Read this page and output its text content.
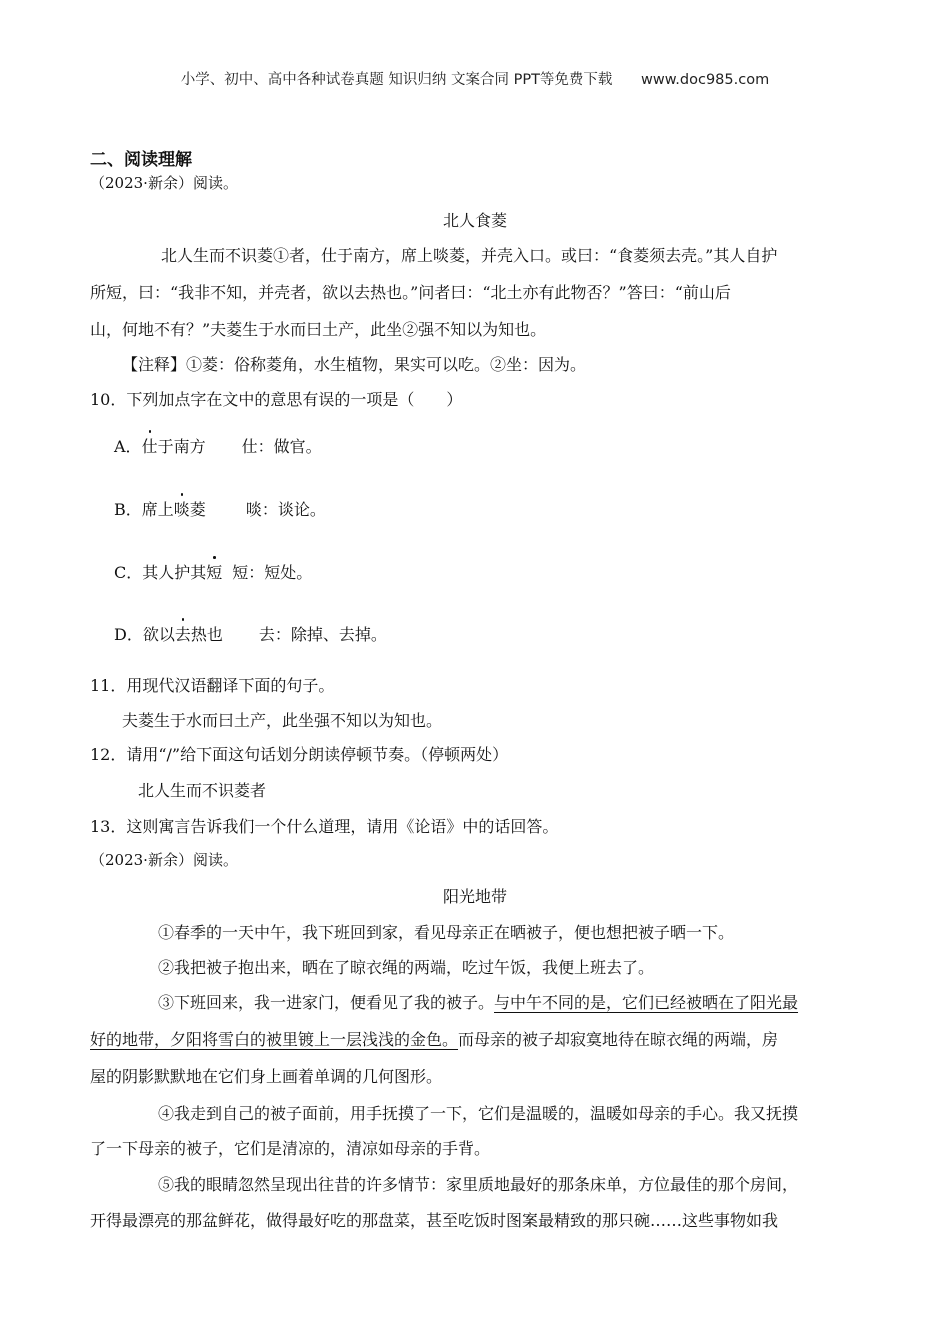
小学、初中、高中各种试卷真题 知识归纳 文案合同 PPT等免费下载 www.doc985.com
二、阅读理解
（2023·新余）阅读。
北人食菱
北人生而不识菱①者，仕于南方，席上啖菱，并壳入口。或曰：“食菱须去壳。”其人自护
所短，曰：“我非不知，并壳者，欲以去热也。”问者曰：“北土亦有此物否？”答曰：“前山后
山，何地不有？”夫菱生于水而曰土产，此坐②强不知以为知也。
【注释】①菱：俗称菱角，水生植物，果实可以吃。②坐：因为。
10．下列加点字在文中的意思有误的一项是（　　）
A．仕于南方 仕：做官。
B．席上啖菱	啖：谈论。
C．其人护其短 短：短处。
D．欲以去热也 去：除掉、去掉。
11．用现代汉语翻译下面的句子。
夫菱生于水而曰土产，此坐强不知以为知也。
12．请用“/”给下面这句话划分朗读停顿节奏。（停顿两处）
北人生而不识菱者
13．这则寓言告诉我们一个什么道理，请用《论语》中的话回答。
（2023·新余）阅读。
阳光地带
①春季的一天中午，我下班回到家，看见母亲正在晒被子，便也想把被子晒一下。
②我把被子抱出来，晒在了晾衣绳的两端，吃过午饭，我便上班去了。
③下班回来，我一进家门，便看见了我的被子。与中午不同的是，它们已经被晒在了阳光最
好的地带，夕阳将雪白的被里镀上一层浅浅的金色。而母亲的被子却寂寞地待在晾衣绳的两端，房
屋的阴影默默地在它们身上画着单调的几何图形。
④我走到自己的被子面前，用手抚摸了一下，它们是温暖的，温暖如母亲的手心。我又抚摸
了一下母亲的被子，它们是清凉的，清凉如母亲的手背。
⑤我的眼睛忽然呈现出往昔的许多情节：家里质地最好的那条床单，方位最佳的那个房间，
开得最漂亮的那盆鲜花，做得最好吃的那盘菜，甚至吃饭时图案最精致的那只碗……这些事物如我
